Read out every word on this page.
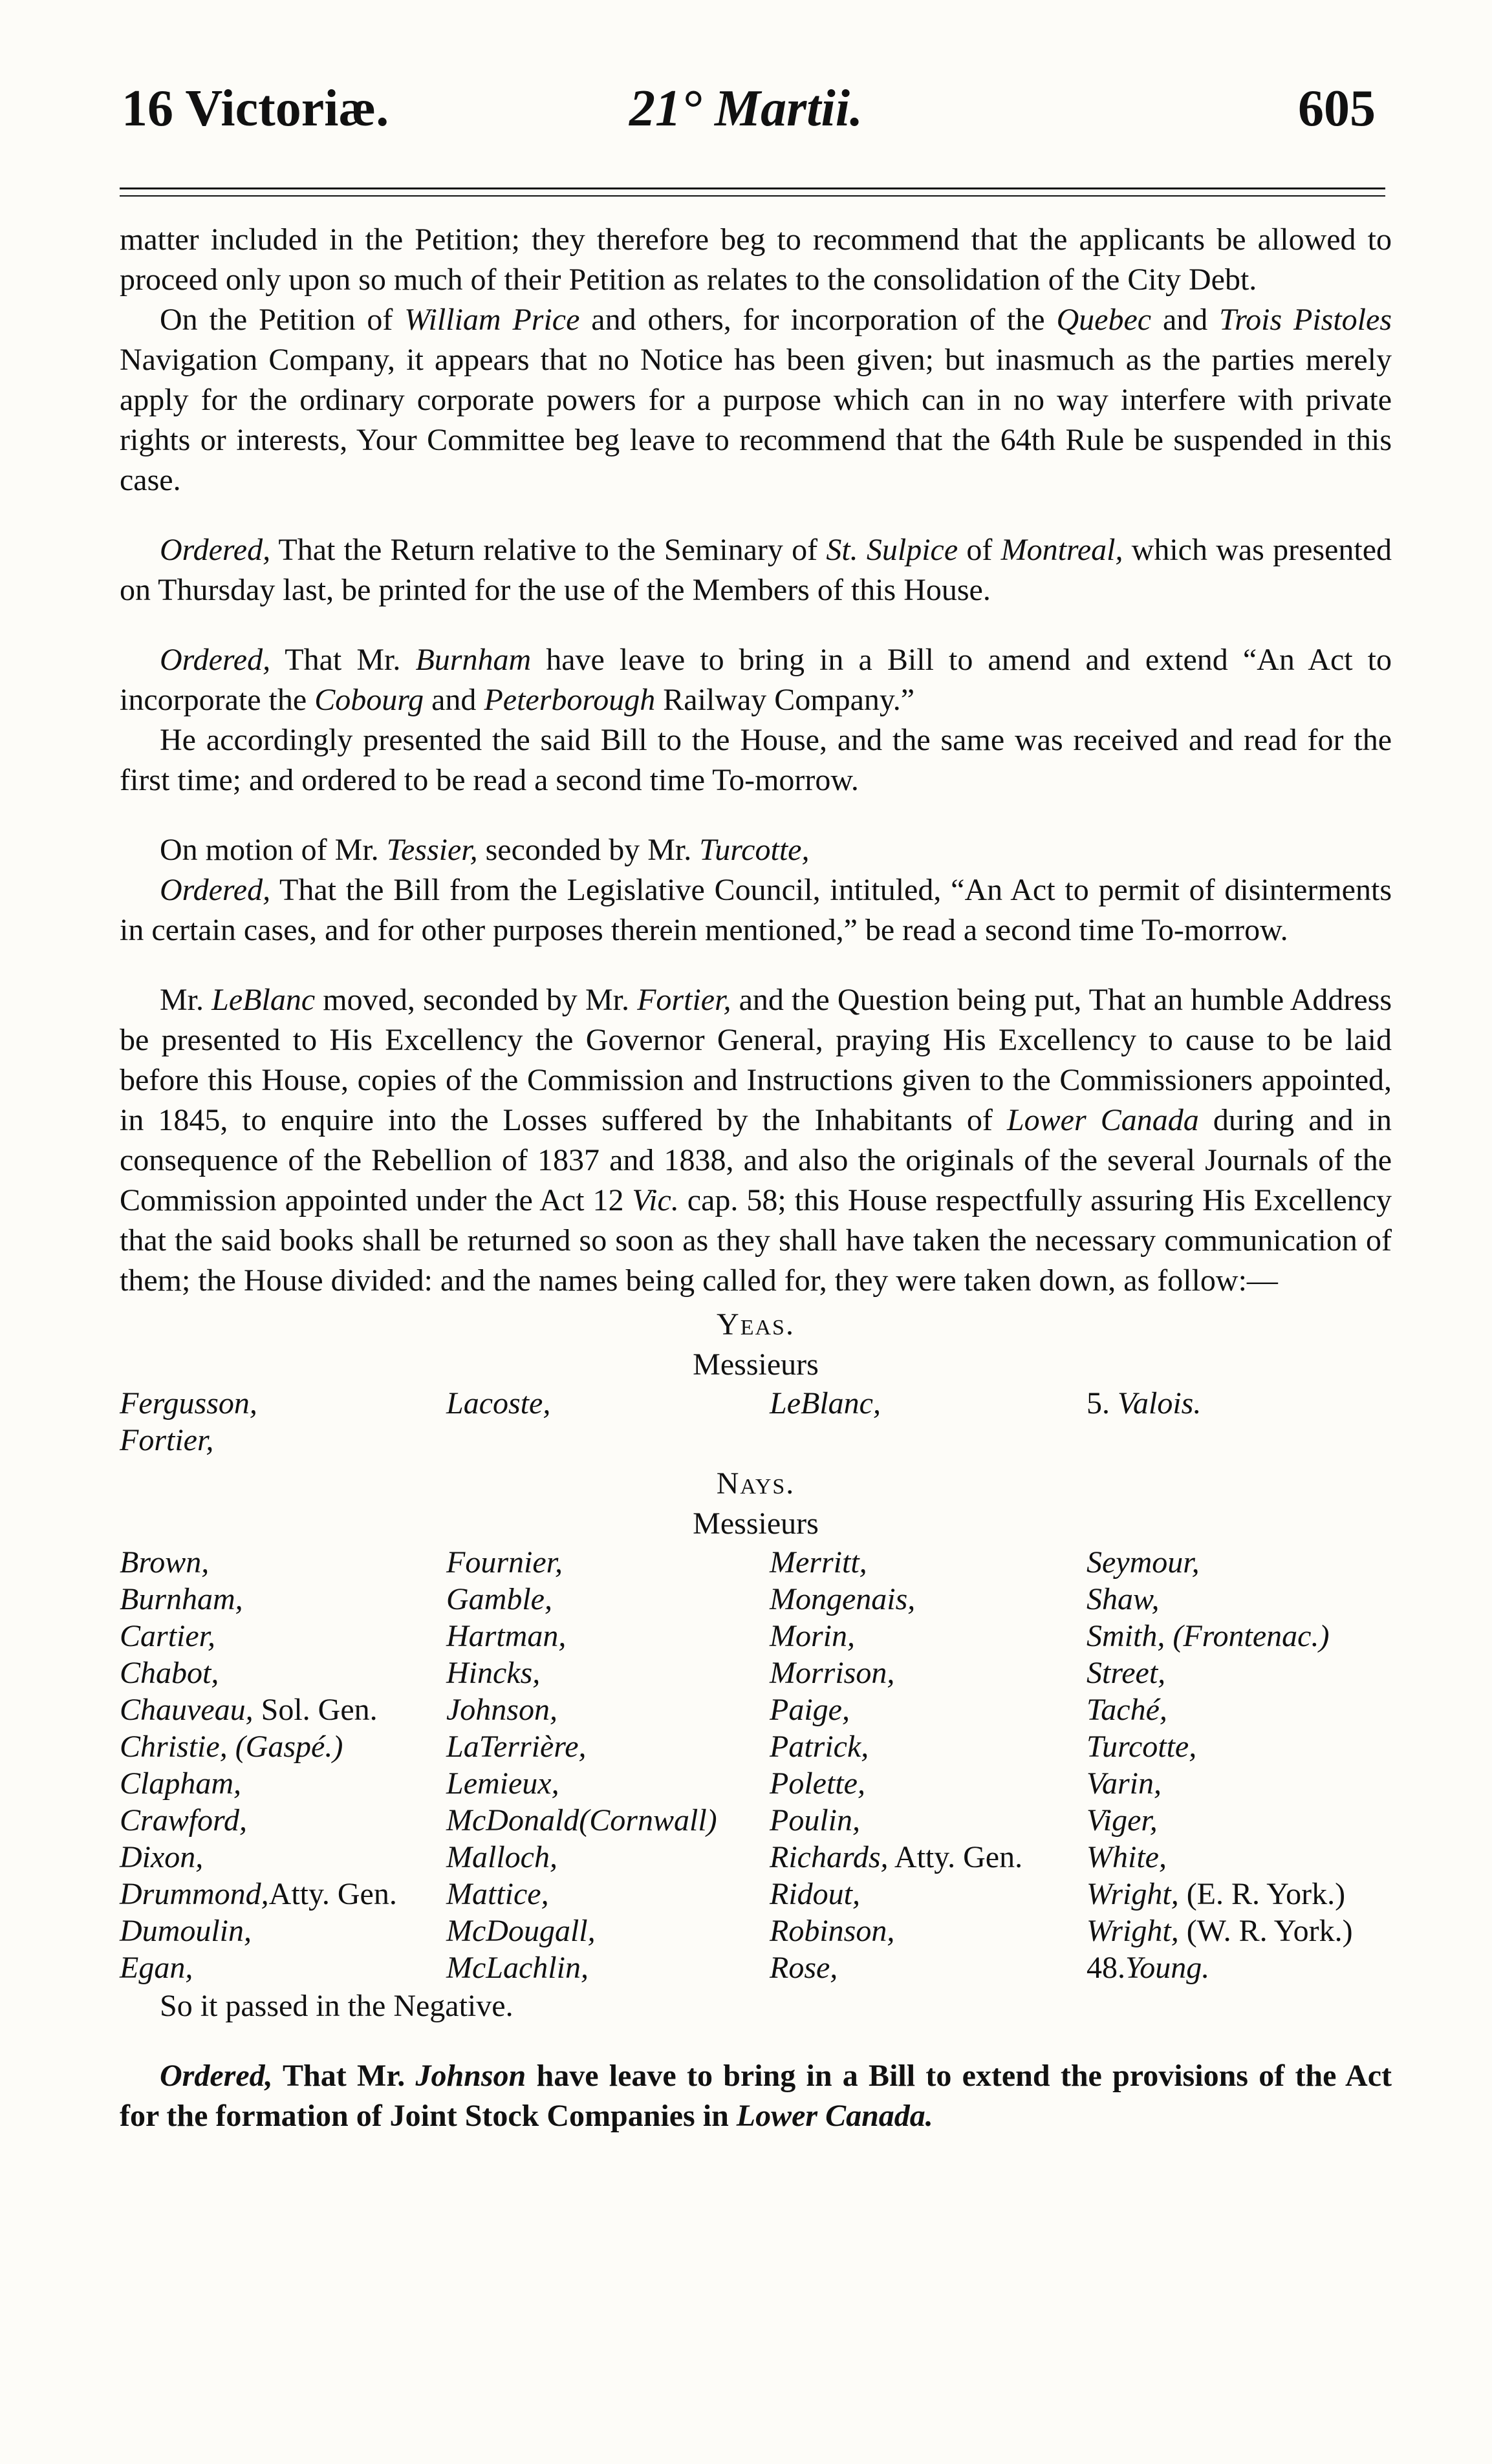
16 Victoriæ.	21° Martii.	605

matter included in the Petition; they therefore beg to recommend that the applicants be allowed to proceed only upon so much of their Petition as relates to the consolidation of the City Debt.

On the Petition of William Price and others, for incorporation of the Quebec and Trois Pistoles Navigation Company, it appears that no Notice has been given; but inasmuch as the parties merely apply for the ordinary corporate powers for a purpose which can in no way interfere with private rights or interests, Your Committee beg leave to recommend that the 64th Rule be suspended in this case.

Ordered, That the Return relative to the Seminary of St. Sulpice of Montreal, which was presented on Thursday last, be printed for the use of the Members of this House.

Ordered, That Mr. Burnham have leave to bring in a Bill to amend and extend “An Act to incorporate the Cobourg and Peterborough Railway Company.”

He accordingly presented the said Bill to the House, and the same was received and read for the first time; and ordered to be read a second time To-morrow.

On motion of Mr. Tessier, seconded by Mr. Turcotte,

Ordered, That the Bill from the Legislative Council, intituled, “An Act to permit of disinterments in certain cases, and for other purposes therein mentioned,” be read a second time To-morrow.

Mr. LeBlanc moved, seconded by Mr. Fortier, and the Question being put, That an humble Address be presented to His Excellency the Governor General, praying His Excellency to cause to be laid before this House, copies of the Commission and Instructions given to the Commissioners appointed, in 1845, to enquire into the Losses suffered by the Inhabitants of Lower Canada during and in consequence of the Rebellion of 1837 and 1838, and also the originals of the several Journals of the Commission appointed under the Act 12 Vic. cap. 58; this House respectfully assuring His Excellency that the said books shall be returned so soon as they shall have taken the necessary communication of them; the House divided: and the names being called for, they were taken down, as follow:—

Yeas.

Messieurs

Fergusson,	Lacoste,	LeBlanc,	5. Valois.
Fortier,

Nays.

Messieurs

Brown,	Fournier,	Merritt,	Seymour,
Burnham,	Gamble,	Mongenais,	Shaw,
Cartier,	Hartman,	Morin,	Smith, (Frontenac.)
Chabot,	Hincks,	Morrison,	Street,
Chauveau, Sol. Gen.	Johnson,	Paige,	Taché,
Christie, (Gaspé.)	LaTerrière,	Patrick,	Turcotte,
Clapham,	Lemieux,	Polette,	Varin,
Crawford,	McDonald(Cornwall)	Poulin,	Viger,
Dixon,	Malloch,	Richards, Atty. Gen.	White,
Drummond,Atty. Gen.	Mattice,	Ridout,	Wright, (E. R. York.)
Dumoulin,	McDougall,	Robinson,	Wright, (W. R. York.)
Egan,	McLachlin,	Rose,	48.Young.

So it passed in the Negative.

Ordered, That Mr. Johnson have leave to bring in a Bill to extend the provisions of the Act for the formation of Joint Stock Companies in Lower Canada.
